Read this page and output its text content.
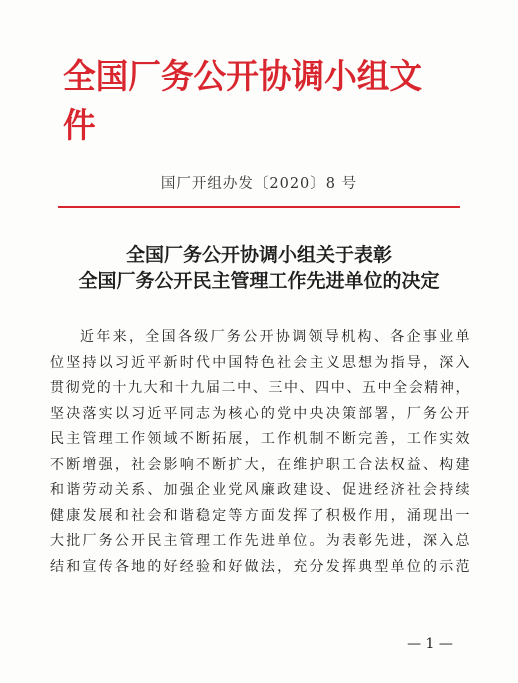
全国厂务公开协调小组文件
国厂开组办发〔2020〕8 号
全国厂务公开协调小组关于表彰
全国厂务公开民主管理工作先进单位的决定
近年来，全国各级厂务公开协调领导机构、各企事业单
位坚持以习近平新时代中国特色社会主义思想为指导，深入
贯彻党的十九大和十九届二中、三中、四中、五中全会精神，
坚决落实以习近平同志为核心的党中央决策部署，厂务公开
民主管理工作领域不断拓展，工作机制不断完善，工作实效
不断增强，社会影响不断扩大，在维护职工合法权益、构建
和谐劳动关系、加强企业党风廉政建设、促进经济社会持续
健康发展和社会和谐稳定等方面发挥了积极作用，涌现出一
大批厂务公开民主管理工作先进单位。为表彰先进，深入总
结和宣传各地的好经验和好做法，充分发挥典型单位的示范
— 1 —
